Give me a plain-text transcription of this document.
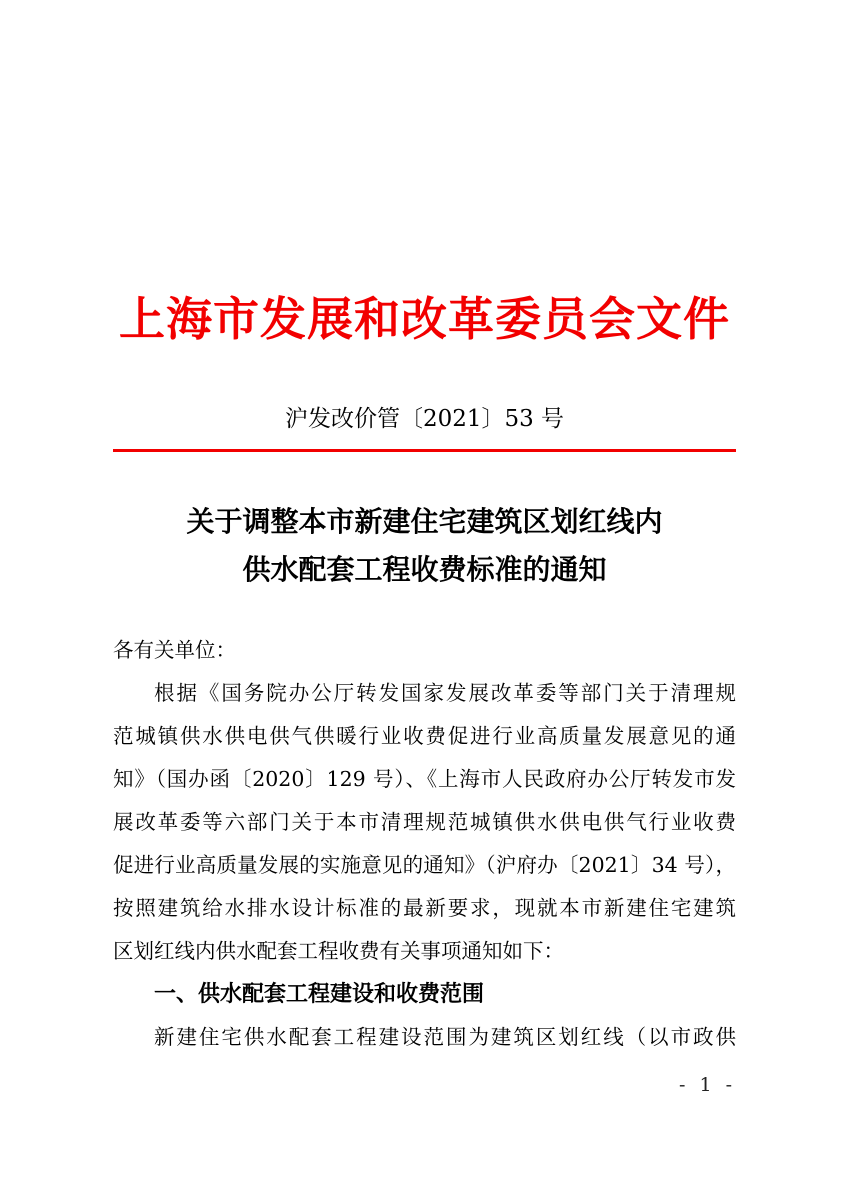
上海市发展和改革委员会文件
沪发改价管〔2021〕53 号
关于调整本市新建住宅建筑区划红线内
供水配套工程收费标准的通知
各有关单位：
根据《国务院办公厅转发国家发展改革委等部门关于清理规
范城镇供水供电供气供暖行业收费促进行业高质量发展意见的通
知》（国办函〔2020〕129 号）、《上海市人民政府办公厅转发市发
展改革委等六部门关于本市清理规范城镇供水供电供气行业收费
促进行业高质量发展的实施意见的通知》（沪府办〔2021〕34 号），
按照建筑给水排水设计标准的最新要求，现就本市新建住宅建筑
区划红线内供水配套工程收费有关事项通知如下：
一、供水配套工程建设和收费范围
新建住宅供水配套工程建设范围为建筑区划红线（以市政供
- 1 -
